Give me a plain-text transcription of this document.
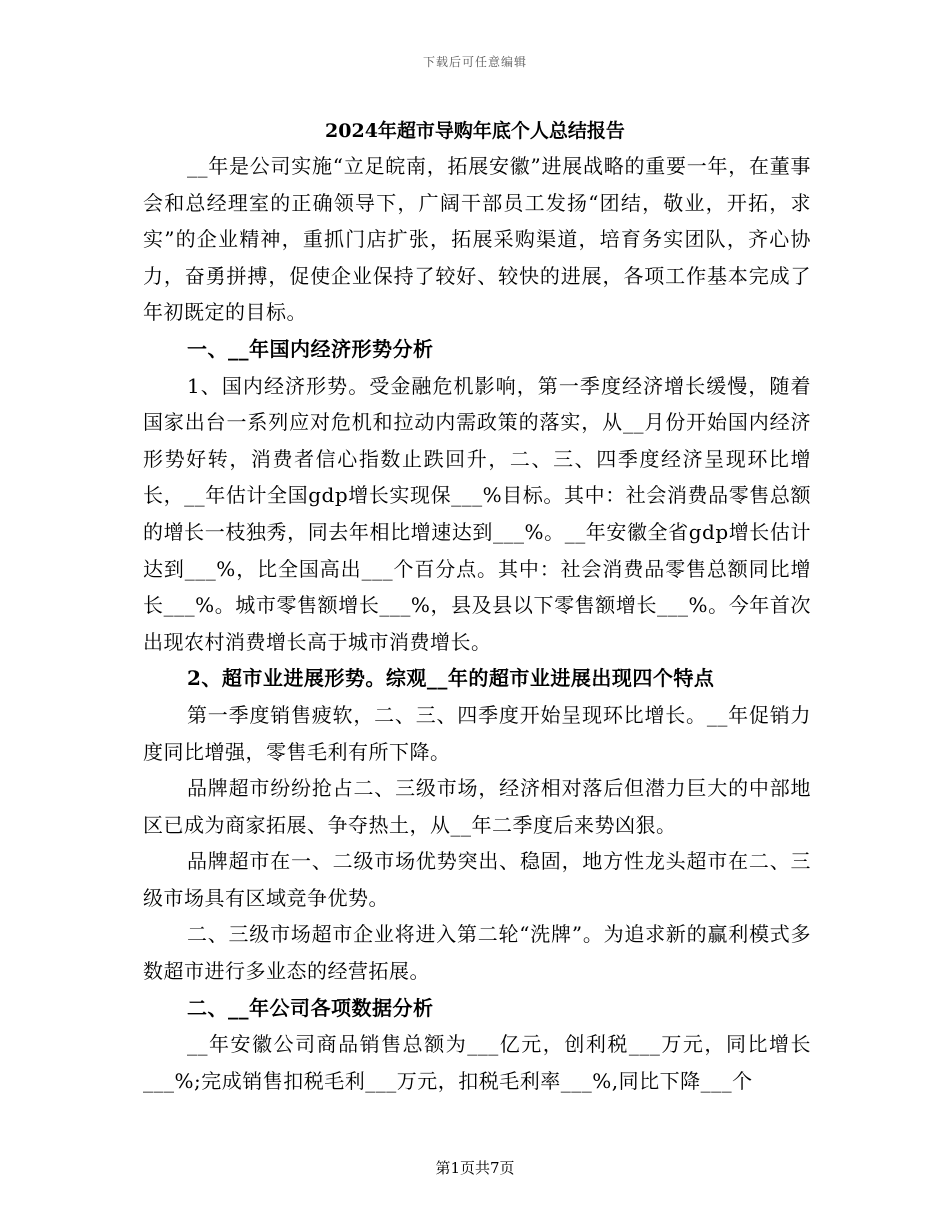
下载后可任意编辑
2024年超市导购年底个人总结报告

__年是公司实施“立足皖南，拓展安徽”进展战略的重要一年，在董事会和总经理室的正确领导下，广阔干部员工发扬“团结，敬业，开拓，求实”的企业精神，重抓门店扩张，拓展采购渠道，培育务实团队，齐心协力，奋勇拼搏，促使企业保持了较好、较快的进展，各项工作基本完成了年初既定的目标。

一、__年国内经济形势分析

1、国内经济形势。受金融危机影响，第一季度经济增长缓慢，随着国家出台一系列应对危机和拉动内需政策的落实，从__月份开始国内经济形势好转，消费者信心指数止跌回升，二、三、四季度经济呈现环比增长，__年估计全国gdp增长实现保___%目标。其中：社会消费品零售总额的增长一枝独秀，同去年相比增速达到___%。__年安徽全省gdp增长估计达到___%，比全国高出___个百分点。其中：社会消费品零售总额同比增长___%。城市零售额增长___%，县及县以下零售额增长___%。今年首次出现农村消费增长高于城市消费增长。

2、超市业进展形势。综观__年的超市业进展出现四个特点

第一季度销售疲软，二、三、四季度开始呈现环比增长。__年促销力度同比增强，零售毛利有所下降。

品牌超市纷纷抢占二、三级市场，经济相对落后但潜力巨大的中部地区已成为商家拓展、争夺热土，从__年二季度后来势凶狠。

品牌超市在一、二级市场优势突出、稳固，地方性龙头超市在二、三级市场具有区域竞争优势。

二、三级市场超市企业将进入第二轮“洗牌”。为追求新的赢利模式多数超市进行多业态的经营拓展。

二、__年公司各项数据分析

__年安徽公司商品销售总额为___亿元，创利税___万元，同比增长___%;完成销售扣税毛利___万元，扣税毛利率___%,同比下降___个

第1页共7页
